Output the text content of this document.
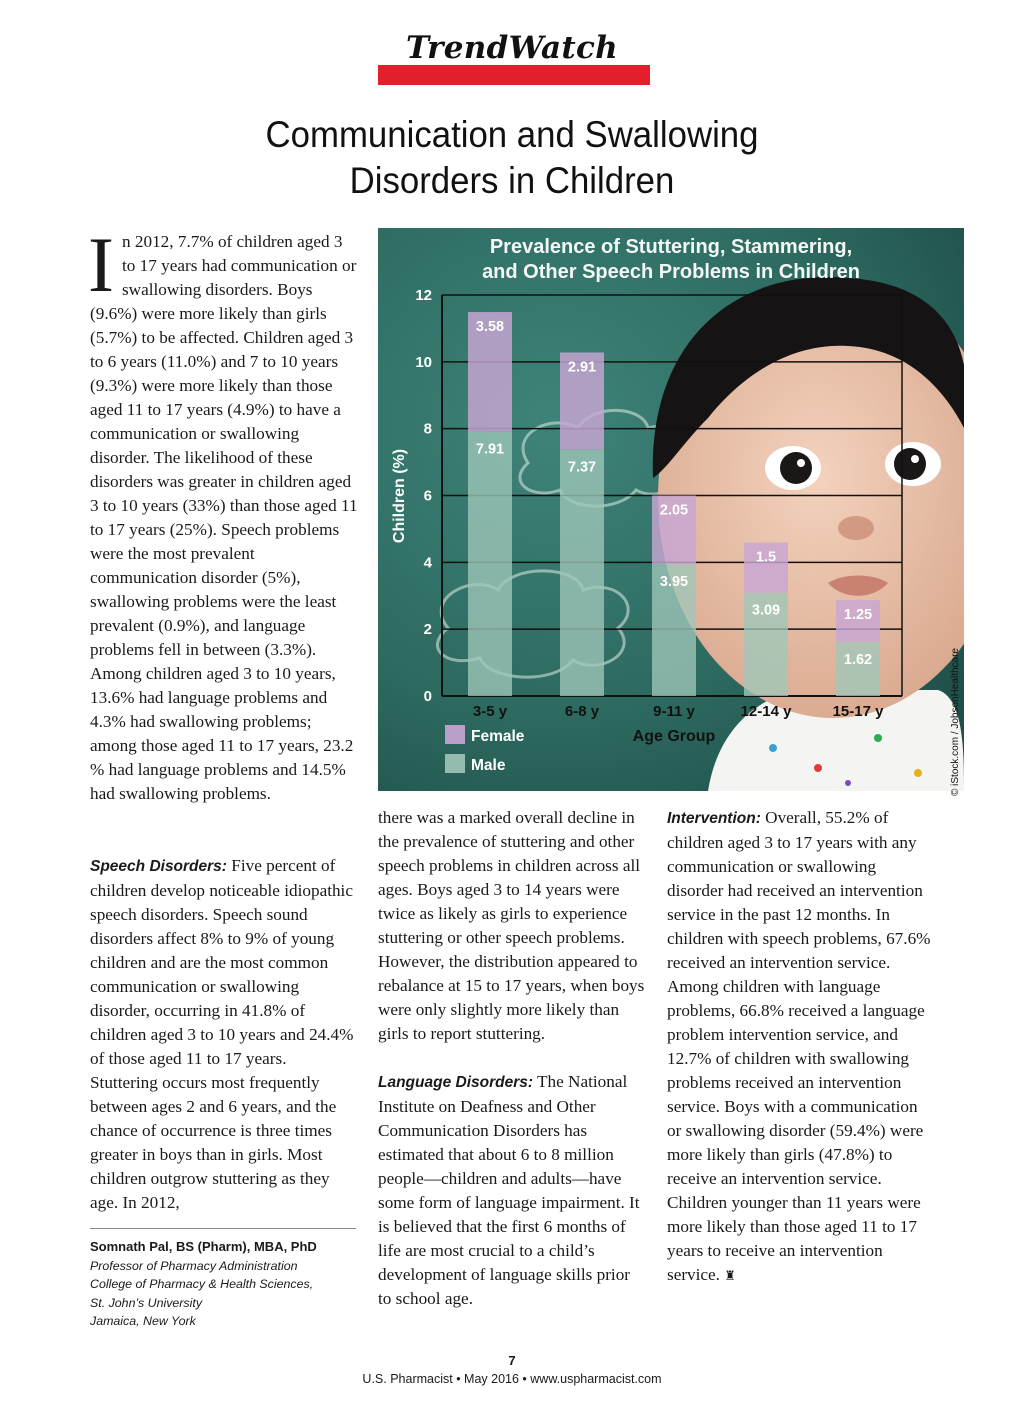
TrendWatch
Communication and Swallowing
Disorders in Children

In 2012, 7.7% of children aged 3 to 17 years had communication or swallowing disorders. Boys (9.6%) were more likely than girls (5.7%) to be affected. Children aged 3 to 6 years (11.0%) and 7 to 10 years (9.3%) were more likely than those aged 11 to 17 years (4.9%) to have a communication or swallowing disorder. The likelihood of these disorders was greater in children aged 3 to 10 years (33%) than those aged 11 to 17 years (25%). Speech problems were the most prevalent communication disorder (5%), swallowing problems were the least prevalent (0.9%), and language problems fell in between (3.3%). Among children aged 3 to 10 years, 13.6% had language problems and 4.3% had swallowing problems; among those aged 11 to 17 years, 23.2 % had language problems and 14.5% had swallowing problems.

Speech Disorders: Five percent of children develop noticeable idiopathic speech disorders. Speech sound disorders affect 8% to 9% of young children and are the most common communication or swallowing disorder, occurring in 41.8% of children aged 3 to 10 years and 24.4% of those aged 11 to 17 years. Stuttering occurs most frequently between ages 2 and 6 years, and the chance of occurrence is three times greater in boys than in girls. Most children outgrow stuttering as they age. In 2012,

there was a marked overall decline in the prevalence of stuttering and other speech problems in children across all ages. Boys aged 3 to 14 years were twice as likely as girls to experience stuttering or other speech problems. However, the distribution appeared to rebalance at 15 to 17 years, when boys were only slightly more likely than girls to report stuttering.

Language Disorders: The National Institute on Deafness and Other Communication Disorders has estimated that about 6 to 8 million people—children and adults—have some form of language impairment. It is believed that the first 6 months of life are most crucial to a child’s development of language skills prior to school age.

Intervention: Overall, 55.2% of children aged 3 to 17 years with any communication or swallowing disorder had received an intervention service in the past 12 months. In children with speech problems, 67.6% received an intervention service. Among children with language problems, 66.8% received a language problem intervention service, and 12.7% of children with swallowing problems received an intervention service. Boys with a communication or swallowing disorder (59.4%) were more likely than girls (47.8%) to receive an intervention service. Children younger than 11 years were more likely than those aged 11 to 17 years to receive an intervention service. ♜

Somnath Pal, BS (Pharm), MBA, PhD
Professor of Pharmacy Administration
College of Pharmacy & Health Sciences,
St. John’s University
Jamaica, New York
Prevalence of Stuttering, Stammering,
and Other Speech Problems in Children
0
2
4
6
8
10
12
Children (%)
3.58
7.91
3-5 y
2.91
7.37
6-8 y
2.05
3.95
9-11 y
1.5
3.09
12-14 y
1.25
1.62
15-17 y
Age Group
Female
Male	© iStock.com / JobsonHealthcare
7
U.S. Pharmacist • May 2016 • www.uspharmacist.com
